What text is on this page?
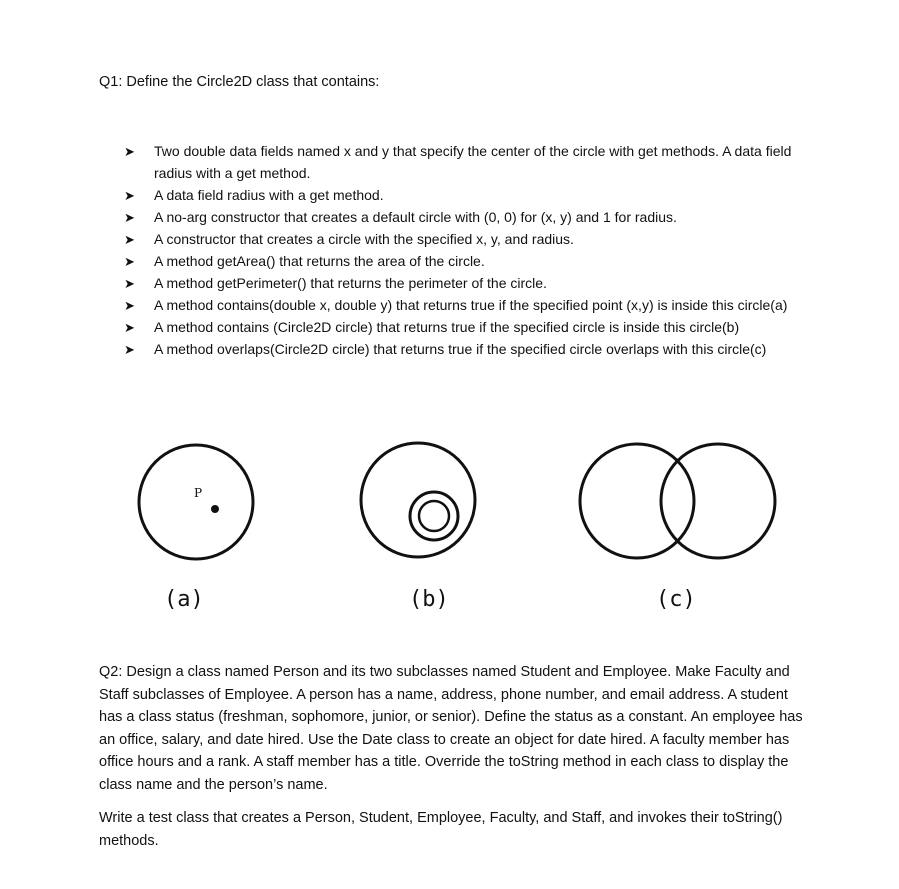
Q1: Define the Circle2D class that contains:
➤ Two double data fields named x and y that specify the center of the circle with get methods. A data field radius with a get method.
➤ A data field radius with a get method.
➤ A no-arg constructor that creates a default circle with (0, 0) for (x, y) and 1 for radius.
➤ A constructor that creates a circle with the specified x, y, and radius.
➤ A method getArea() that returns the area of the circle.
➤ A method getPerimeter() that returns the perimeter of the circle.
➤ A method contains(double x, double y) that returns true if the specified point (x,y) is inside this circle(a)
➤ A method contains (Circle2D circle) that returns true if the specified circle is inside this circle(b)
➤ A method overlaps(Circle2D circle) that returns true if the specified circle overlaps with this circle(c)
P
(a)	(b)	(c)

Q2: Design a class named Person and its two subclasses named Student and Employee. Make Faculty and Staff subclasses of Employee. A person has a name, address, phone number, and email address. A student has a class status (freshman, sophomore, junior, or senior). Define the status as a constant. An employee has an office, salary, and date hired. Use the Date class to create an object for date hired. A faculty member has office hours and a rank. A staff member has a title. Override the toString method in each class to display the class name and the person’s name.

Write a test class that creates a Person, Student, Employee, Faculty, and Staff, and invokes their toString() methods.
